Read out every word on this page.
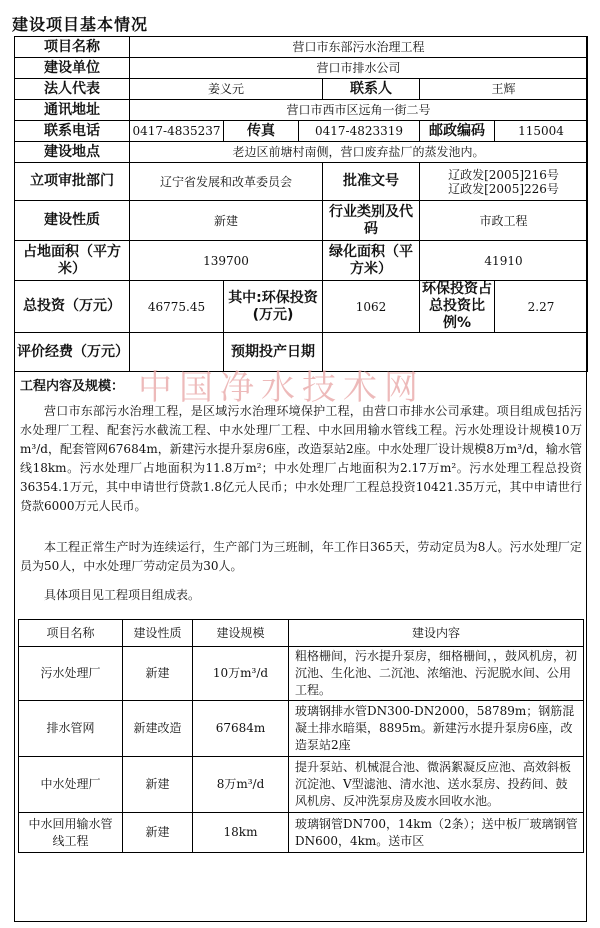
建设项目基本情况
项目名称	营口市东部污水治理工程					
建设单位	营口市排水公司					
法人代表	姜义元			联系人	王辉	
通讯地址	营口市西市区远角一街二号					
联系电话	0417-4835237	传真	0417-4823319		邮政编码	115004
建设地点	老边区前塘村南侧，营口废弃盐厂的蒸发池内。					
立项审批部门	辽宁省发展和改革委员会			批准文号	辽政发[2005]216号
辽政发[2005]226号	

建设性质	新建			行业类别及代码	市政工程	
占地面积（平方米）	139700			绿化面积（平方米）	41910	
总投资（万元）	46775.45	其中:环保投资(万元)		1062	环保投资占总投资比例%	2.27
评价经费（万元）		预期投产日期				
中国净水技术网
工程内容及规模：

营口市东部污水治理工程，是区域污水治理环境保护工程，由营口市排水公司承建。项目组成包括污水处理厂工程、配套污水截流工程、中水处理厂工程、中水回用输水管线工程。污水处理设计规模10万m³/d，配套管网67684m，新建污水提升泵房6座，改造泵站2座。中水处理厂设计规模8万m³/d，输水管线18km。污水处理厂占地面积为11.8万m²；中水处理厂占地面积为2.17万m²。污水处理工程总投资36354.1万元，其中申请世行贷款1.8亿元人民币；中水处理厂工程总投资10421.35万元，其中申请世行贷款6000万元人民币。

本工程正常生产时为连续运行，生产部门为三班制，年工作日365天，劳动定员为8人。污水处理厂定员为50人，中水处理厂劳动定员为30人。

具体项目见工程项目组成表。

项目名称	建设性质	建设规模	建设内容
污水处理厂	新建	10万m³/d	粗格栅间，污水提升泵房，细格栅间，，鼓风机房，初沉池、生化池、二沉池、浓缩池、污泥脱水间、公用工程。
排水管网	新建改造	67684m	玻璃钢排水管DN300-DN2000，58789m；钢筋混凝土排水暗渠，8895m。新建污水提升泵房6座，改造泵站2座
中水处理厂	新建	8万m³/d	提升泵站、机械混合池、微涡絮凝反应池、高效斜板沉淀池、V型滤池、清水池、送水泵房、投药间、鼓风机房、反冲洗泵房及废水回收水池。
中水回用输水管线工程	新建	18km	玻璃钢管DN700，14km（2条）；送中板厂玻璃钢管DN600，4km。送市区
